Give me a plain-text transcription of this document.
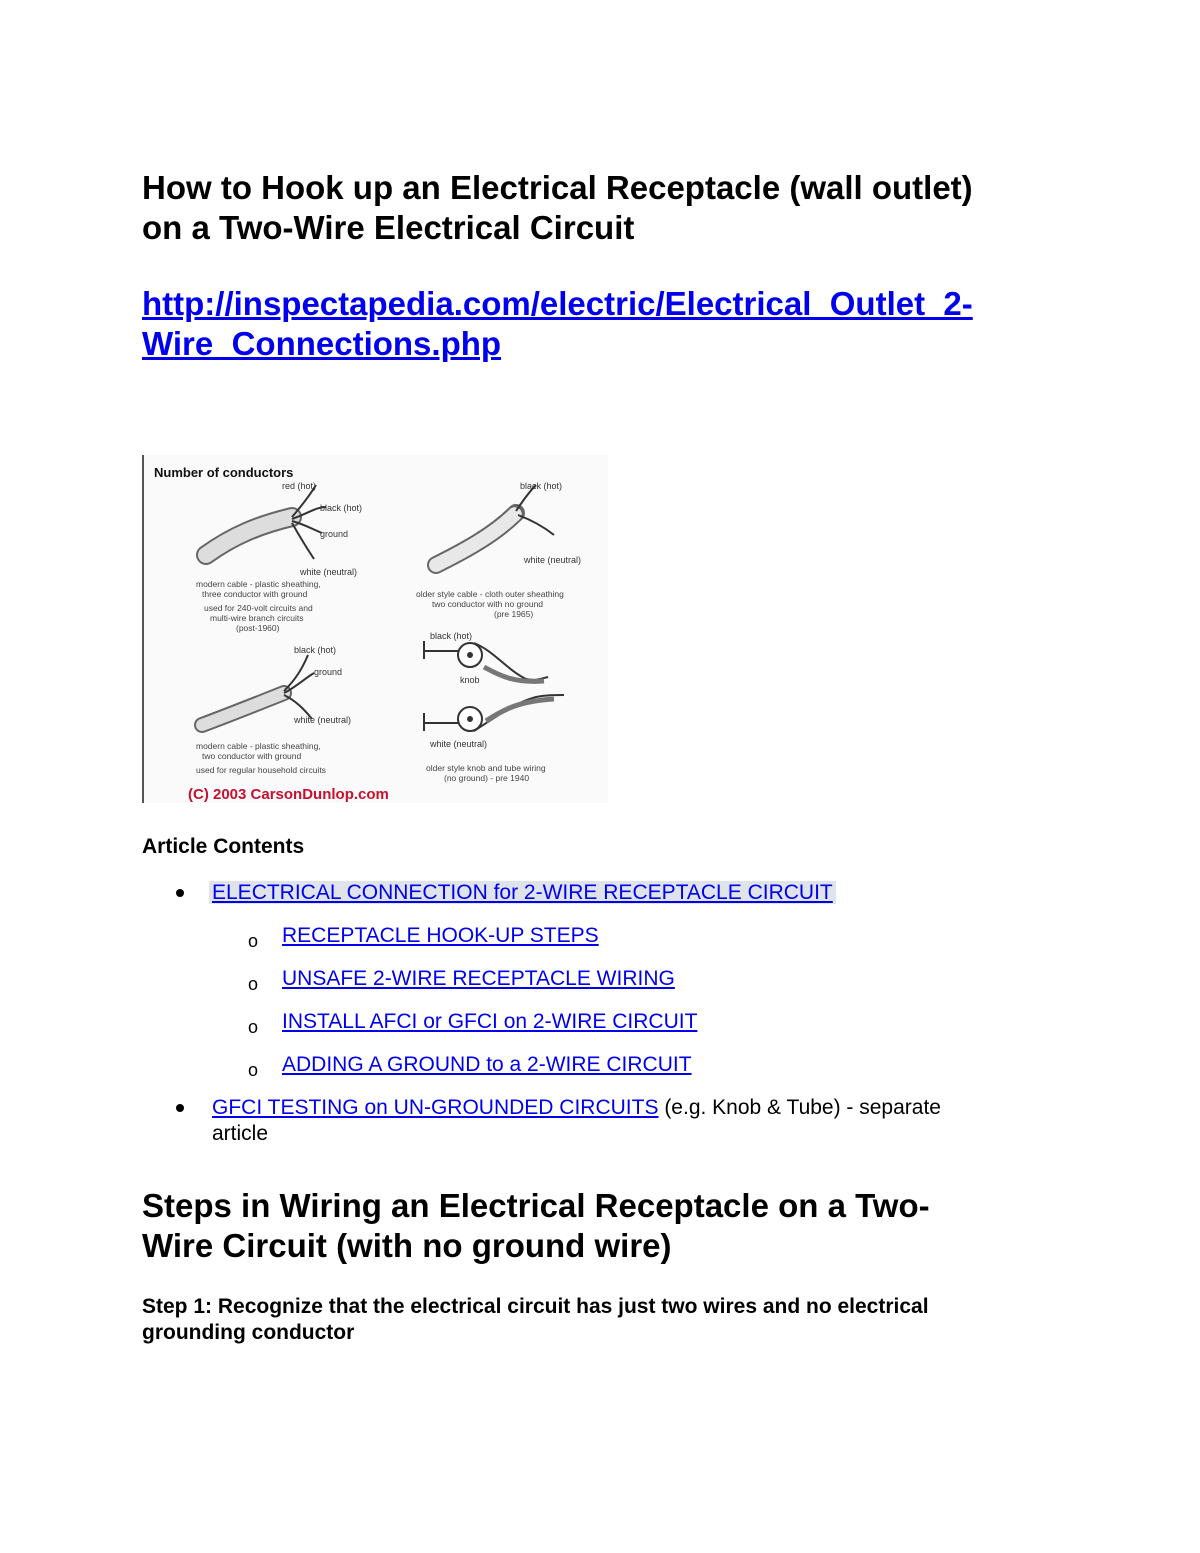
How to Hook up an Electrical Receptacle (wall outlet)
on a Two-Wire Electrical Circuit
http://inspectapedia.com/electric/Electrical_Outlet_2-
Wire_Connections.php
Number of conductors
red (hot)
black (hot)
ground
white (neutral)
modern cable - plastic sheathing,
three conductor with ground
used for 240-volt circuits and
multi-wire branch circuits
(post-1960)
black (hot)
ground
white (neutral)
modern cable - plastic sheathing,
two conductor with ground
used for regular household circuits
black (hot)
white (neutral)
older style cable - cloth outer sheathing
two conductor with no ground
(pre 1965)
black (hot)
knob
white (neutral)
older style knob and tube wiring
(no ground) - pre 1940
(C) 2003 CarsonDunlop.com
Article Contents
ELECTRICAL CONNECTION for 2-WIRE RECEPTACLE CIRCUIT
o RECEPTACLE HOOK-UP STEPS
o UNSAFE 2-WIRE RECEPTACLE WIRING
o INSTALL AFCI or GFCI on 2-WIRE CIRCUIT
o ADDING A GROUND to a 2-WIRE CIRCUIT
GFCI TESTING on UN-GROUNDED CIRCUITS (e.g. Knob & Tube) - separate article
Steps in Wiring an Electrical Receptacle on a Two-
Wire Circuit (with no ground wire)

Step 1: Recognize that the electrical circuit has just two wires and no electrical
grounding conductor
